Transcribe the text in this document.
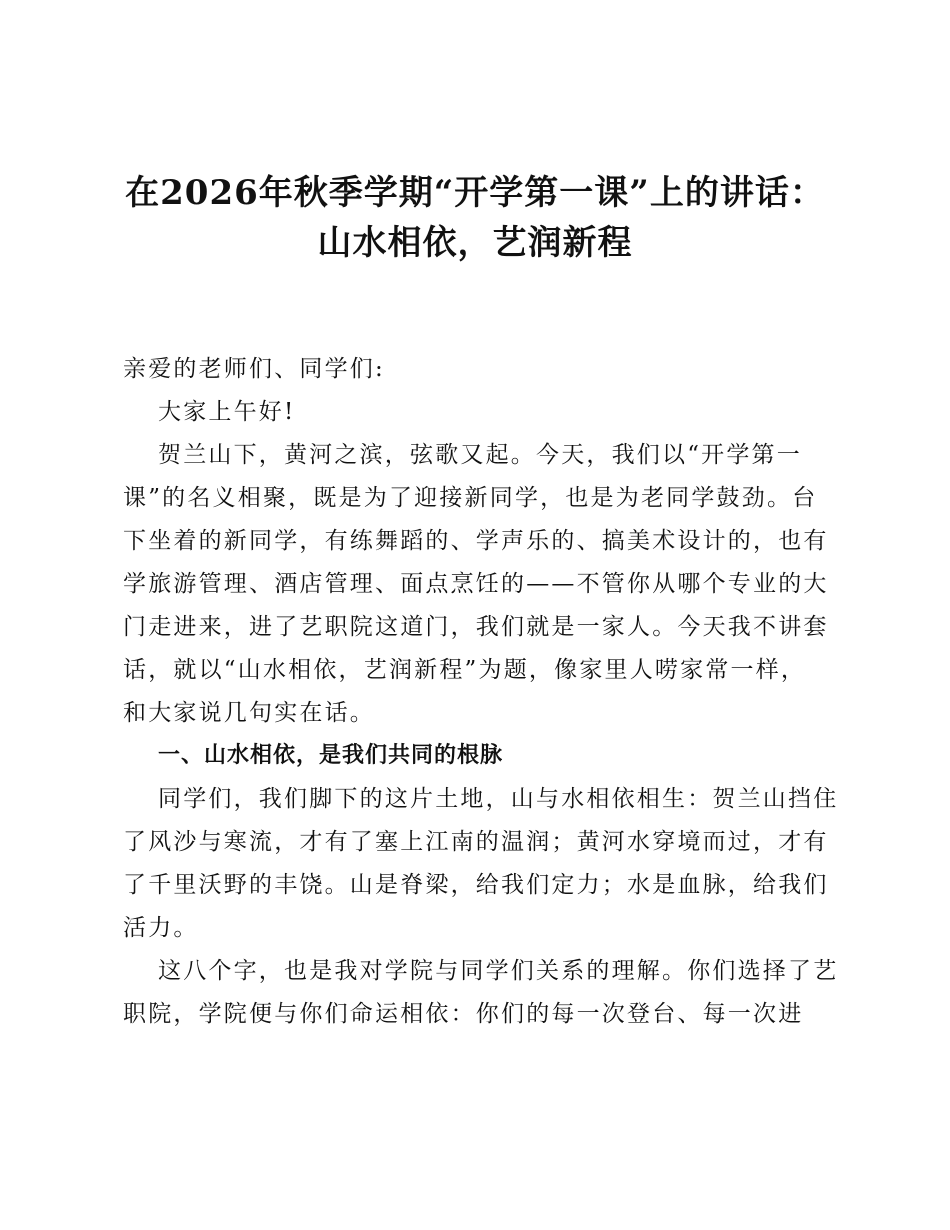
在2026年秋季学期“开学第一课”上的讲话：
山水相依，艺润新程
亲爱的老师们、同学们:
大家上午好!
贺兰山下，黄河之滨，弦歌又起。今天，我们以“开学第一
课”的名义相聚，既是为了迎接新同学，也是为老同学鼓劲。台
下坐着的新同学，有练舞蹈的、学声乐的、搞美术设计的，也有
学旅游管理、酒店管理、面点烹饪的——不管你从哪个专业的大
门走进来，进了艺职院这道门，我们就是一家人。今天我不讲套
话，就以“山水相依，艺润新程”为题，像家里人唠家常一样，
和大家说几句实在话。
一、山水相依，是我们共同的根脉
同学们，我们脚下的这片土地，山与水相依相生：贺兰山挡住
了风沙与寒流，才有了塞上江南的温润；黄河水穿境而过，才有
了千里沃野的丰饶。山是脊梁，给我们定力；水是血脉，给我们
活力。
这八个字，也是我对学院与同学们关系的理解。你们选择了艺
职院，学院便与你们命运相依：你们的每一次登台、每一次进
